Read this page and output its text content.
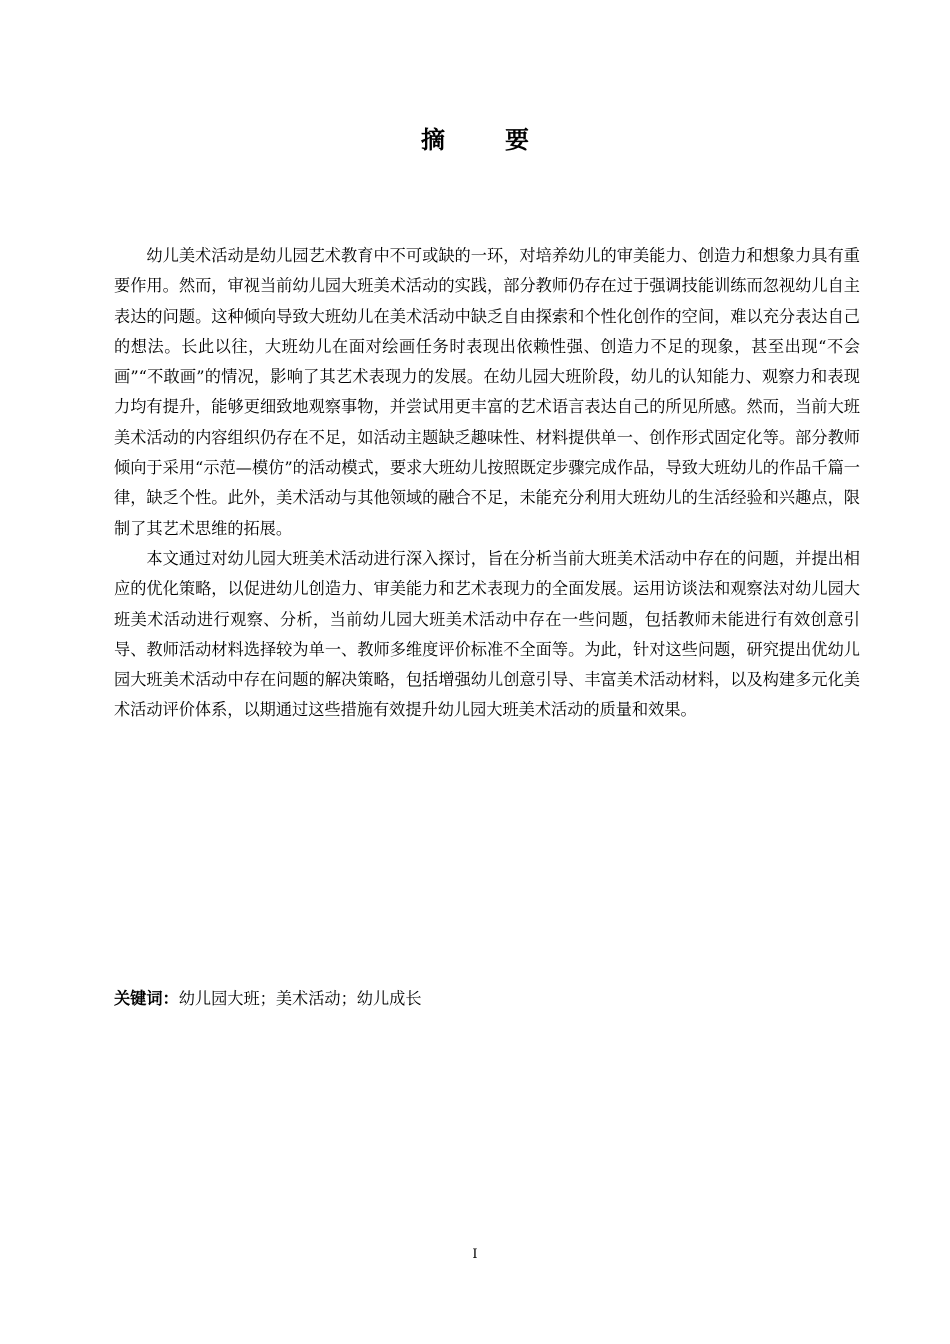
摘　要

幼儿美术活动是幼儿园艺术教育中不可或缺的一环，对培养幼儿的审美能力、创造力和想象力具有重要作用。然而，审视当前幼儿园大班美术活动的实践，部分教师仍存在过于强调技能训练而忽视幼儿自主表达的问题。这种倾向导致大班幼儿在美术活动中缺乏自由探索和个性化创作的空间，难以充分表达自己的想法。长此以往，大班幼儿在面对绘画任务时表现出依赖性强、创造力不足的现象，甚至出现“不会画”“不敢画”的情况，影响了其艺术表现力的发展。在幼儿园大班阶段，幼儿的认知能力、观察力和表现力均有提升，能够更细致地观察事物，并尝试用更丰富的艺术语言表达自己的所见所感。然而，当前大班美术活动的内容组织仍存在不足，如活动主题缺乏趣味性、材料提供单一、创作形式固定化等。部分教师倾向于采用“示范—模仿”的活动模式，要求大班幼儿按照既定步骤完成作品，导致大班幼儿的作品千篇一律，缺乏个性。此外，美术活动与其他领域的融合不足，未能充分利用大班幼儿的生活经验和兴趣点，限制了其艺术思维的拓展。

本文通过对幼儿园大班美术活动进行深入探讨，旨在分析当前大班美术活动中存在的问题，并提出相应的优化策略，以促进幼儿创造力、审美能力和艺术表现力的全面发展。运用访谈法和观察法对幼儿园大班美术活动进行观察、分析，当前幼儿园大班美术活动中存在一些问题，包括教师未能进行有效创意引导、教师活动材料选择较为单一、教师多维度评价标准不全面等。为此，针对这些问题，研究提出优幼儿园大班美术活动中存在问题的解决策略，包括增强幼儿创意引导、丰富美术活动材料，以及构建多元化美术活动评价体系，以期通过这些措施有效提升幼儿园大班美术活动的质量和效果。

关键词：幼儿园大班；美术活动；幼儿成长
I
